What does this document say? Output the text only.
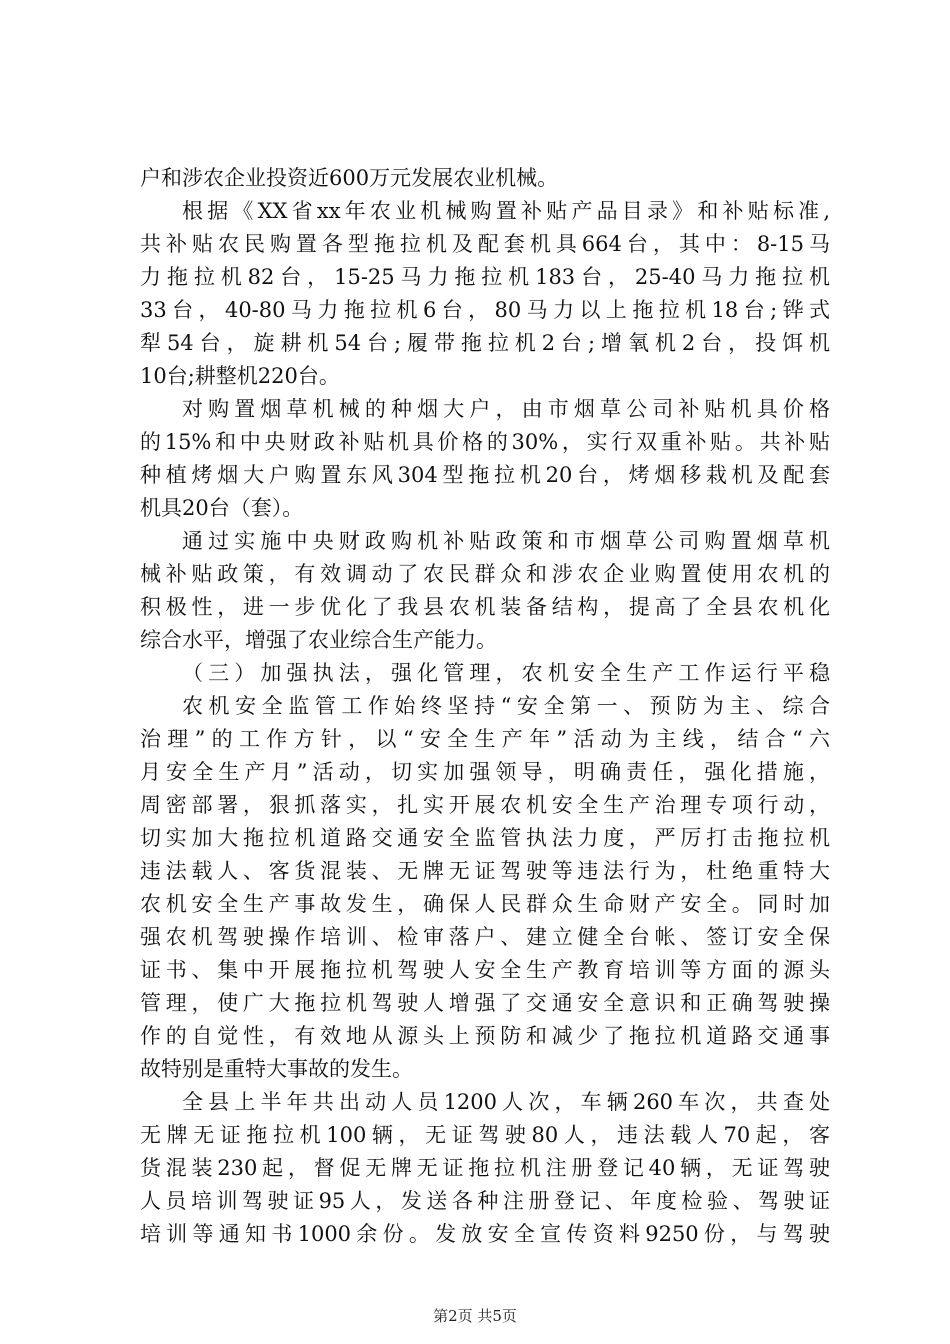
户和涉农企业投资近600万元发展农业机械。
根据《XX省xx年农业机械购置补贴产品目录》和补贴标准,
共补贴农民购置各型拖拉机及配套机具664台，其中：8-15马
力拖拉机82台，15-25马力拖拉机183台，25-40马力拖拉机
33台，40-80马力拖拉机6台，80马力以上拖拉机18台;铧式
犁54台，旋耕机54台;履带拖拉机2台;增氧机2台，投饵机
10台;耕整机220台。
对购置烟草机械的种烟大户，由市烟草公司补贴机具价格
的15%和中央财政补贴机具价格的30%，实行双重补贴。共补贴
种植烤烟大户购置东风304型拖拉机20台，烤烟移栽机及配套
机具20台（套）。
通过实施中央财政购机补贴政策和市烟草公司购置烟草机
械补贴政策，有效调动了农民群众和涉农企业购置使用农机的
积极性，进一步优化了我县农机装备结构，提高了全县农机化
综合水平，增强了农业综合生产能力。
（三）加强执法，强化管理，农机安全生产工作运行平稳
农机安全监管工作始终坚持“安全第一、预防为主、综合
治理”的工作方针，以“安全生产年”活动为主线，结合“六
月安全生产月”活动，切实加强领导，明确责任，强化措施，
周密部署，狠抓落实，扎实开展农机安全生产治理专项行动，
切实加大拖拉机道路交通安全监管执法力度，严厉打击拖拉机
违法载人、客货混装、无牌无证驾驶等违法行为，杜绝重特大
农机安全生产事故发生，确保人民群众生命财产安全。同时加
强农机驾驶操作培训、检审落户、建立健全台帐、签订安全保
证书、集中开展拖拉机驾驶人安全生产教育培训等方面的源头
管理，使广大拖拉机驾驶人增强了交通安全意识和正确驾驶操
作的自觉性，有效地从源头上预防和减少了拖拉机道路交通事
故特别是重特大事故的发生。
全县上半年共出动人员1200人次，车辆260车次，共查处
无牌无证拖拉机100辆，无证驾驶80人，违法载人70起，客
货混装230起，督促无牌无证拖拉机注册登记40辆，无证驾驶
人员培训驾驶证95人，发送各种注册登记、年度检验、驾驶证
培训等通知书1000余份。发放安全宣传资料9250份，与驾驶
第2页 共5页
